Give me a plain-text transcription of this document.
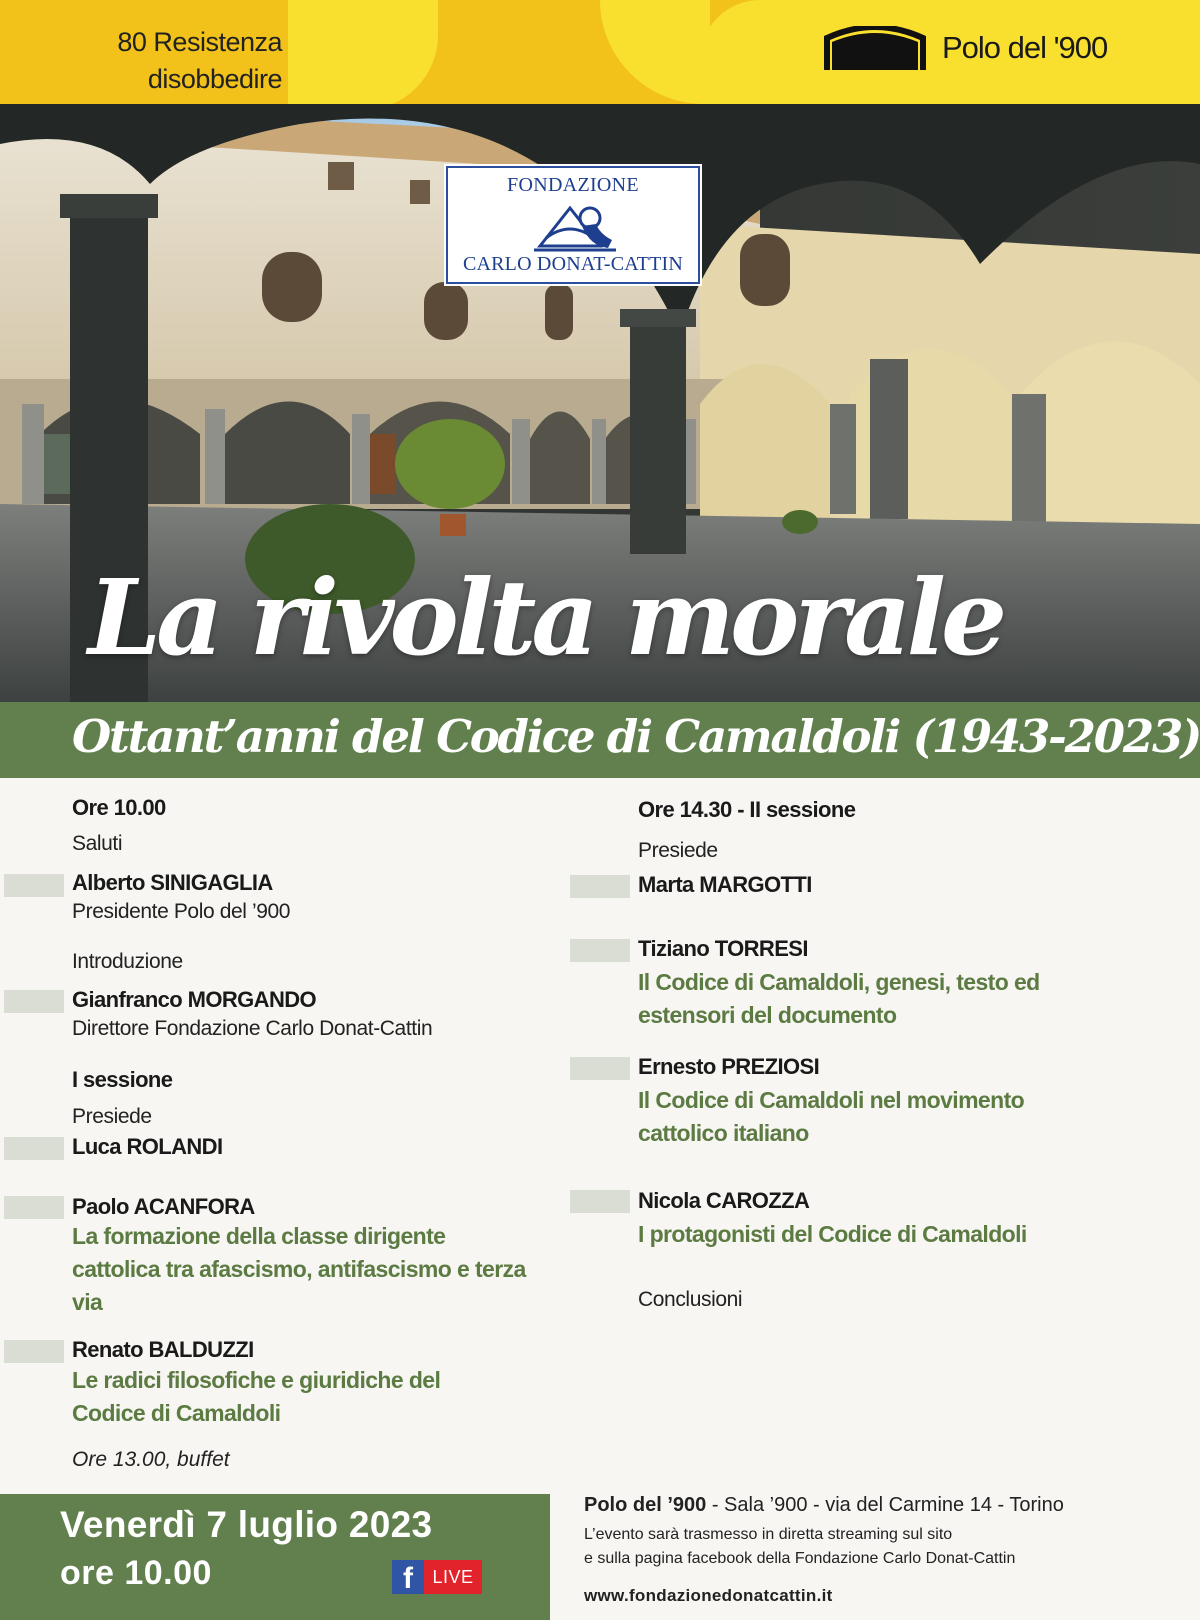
80 Resistenza
disobbedire
Polo del '900
FONDAZIONE
CARLO DONAT-CATTIN
La rivolta morale
Ottant’anni del Codice di Camaldoli (1943-2023)
Ore 10.00
Saluti
Alberto SINIGAGLIA
Presidente Polo del ’900
Introduzione
Gianfranco MORGANDO
Direttore Fondazione Carlo Donat-Cattin
I sessione
Presiede
Luca ROLANDI
Paolo ACANFORA
La formazione della classe dirigente cattolica tra afascismo, antifascismo e terza via
Renato BALDUZZI
Le radici filosofiche e giuridiche del Codice di Camaldoli
Ore 13.00, buffet
Ore 14.30 - II sessione
Presiede
Marta MARGOTTI
Tiziano TORRESI
Il Codice di Camaldoli, genesi, testo ed estensori del documento
Ernesto PREZIOSI
Il Codice di Camaldoli nel movimento cattolico italiano
Nicola CAROZZA
I protagonisti del Codice di Camaldoli
Conclusioni
Venerdì 7 luglio 2023
ore 10.00	f	LIVE
Polo del ’900 - Sala ’900 - via del Carmine 14 - Torino
L’evento sarà trasmesso in diretta streaming sul sito
e sulla pagina facebook della Fondazione Carlo Donat-Cattin
www.fondazionedonatcattin.it
